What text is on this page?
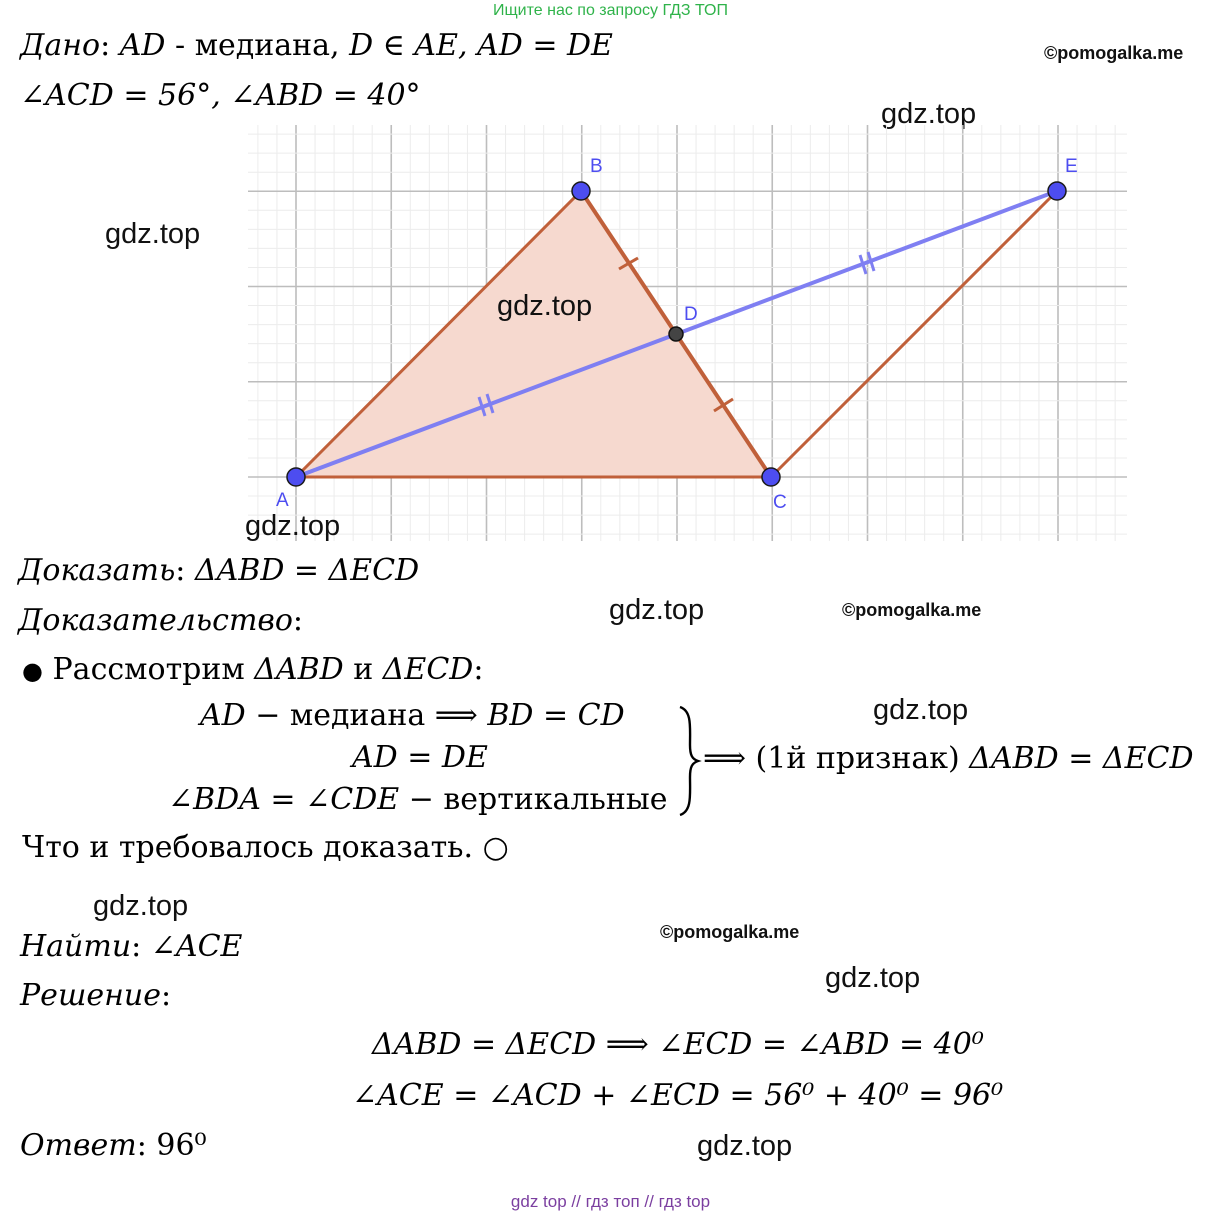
Ищите нас по запросу ГДЗ ТОП
Дано: AD - медиана, D ∈ AE, AD = DE
∠ACD = 56°, ∠ABD = 40°
©pomogalka.me
gdz.top
gdz.top
A
B
C
D
E
gdz.top
gdz.top
Доказать: ΔABD = ΔECD
Доказательство:	gdz.top	©pomogalka.me
● Рассмотрим ΔABD и ΔECD:
gdz.top
AD − медиана ⟹ BD = CD
AD = DE
∠BDA = ∠CDE − вертикальные
⟹ (1й признак) ΔABD = ΔECD
Что и требовалось доказать. ○
gdz.top
©pomogalka.me
Найти: ∠ACE
gdz.top
Решение:
ΔABD = ΔECD ⟹ ∠ECD = ∠ABD = 40⁰
∠ACE = ∠ACD + ∠ECD = 56⁰ + 40⁰ = 96⁰
Ответ: 96⁰	gdz.top
gdz top // гдз топ // гдз top
